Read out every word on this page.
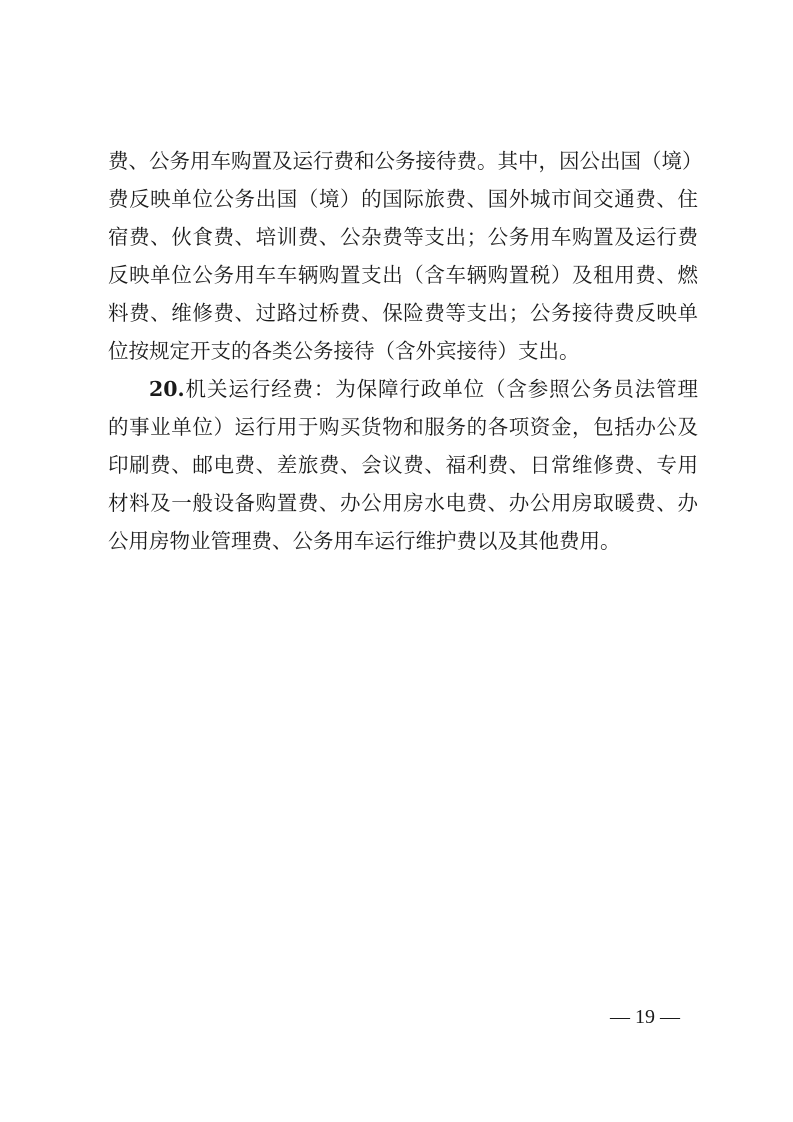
费、公务用车购置及运行费和公务接待费。其中，因公出国（境）
费反映单位公务出国（境）的国际旅费、国外城市间交通费、住
宿费、伙食费、培训费、公杂费等支出；公务用车购置及运行费
反映单位公务用车车辆购置支出（含车辆购置税）及租用费、燃
料费、维修费、过路过桥费、保险费等支出；公务接待费反映单
位按规定开支的各类公务接待（含外宾接待）支出。
20.机关运行经费：为保障行政单位（含参照公务员法管理
的事业单位）运行用于购买货物和服务的各项资金，包括办公及
印刷费、邮电费、差旅费、会议费、福利费、日常维修费、专用
材料及一般设备购置费、办公用房水电费、办公用房取暖费、办
公用房物业管理费、公务用车运行维护费以及其他费用。
— 19 —
